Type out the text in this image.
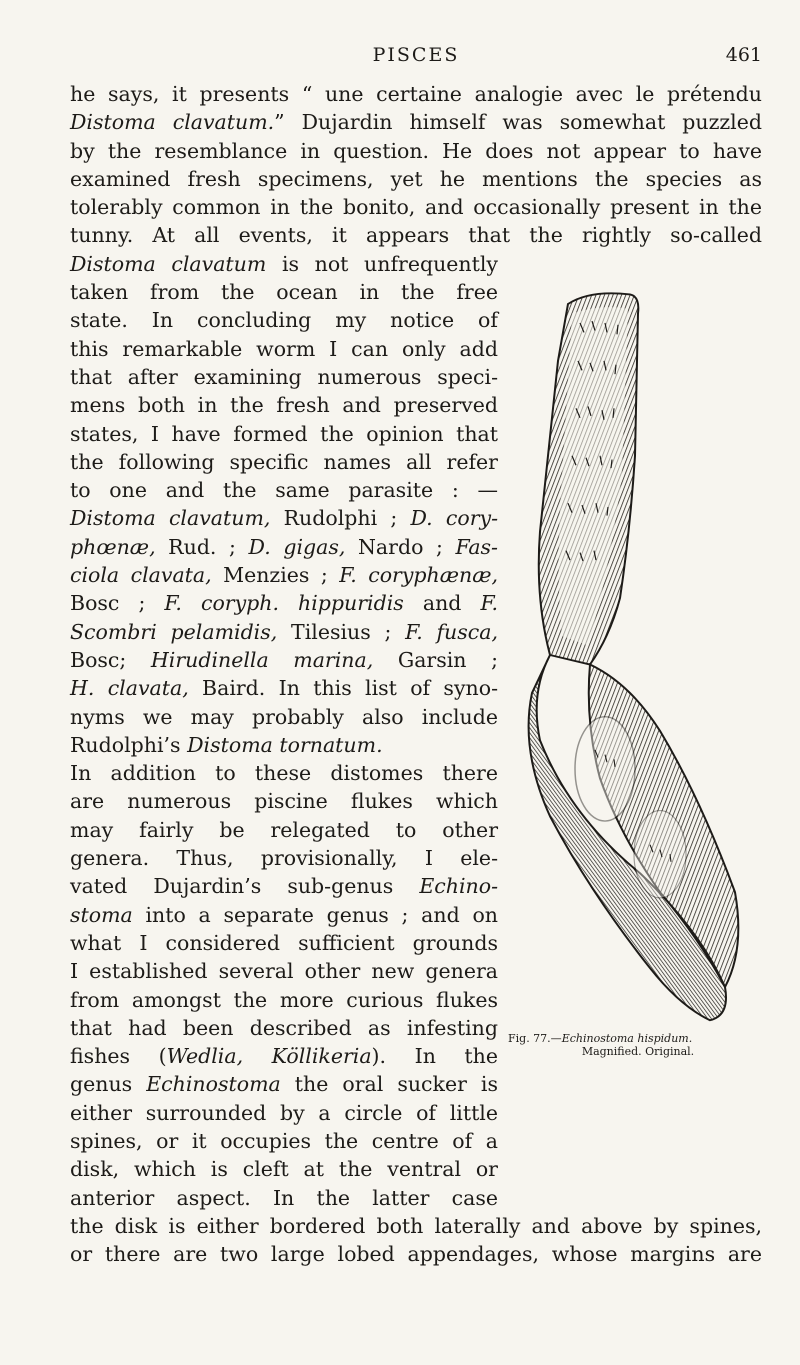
PISCES	461

he says, it presents “ une certaine analogie avec le prétendu

Distoma clavatum.” Dujardin himself was somewhat puzzled

by the resemblance in question. He does not appear to have

examined fresh specimens, yet he mentions the species as

tolerably common in the bonito, and occasionally present in the

tunny. At all events, it appears that the rightly so-called

Distoma clavatum is not unfrequently

taken from the ocean in the free

state. In concluding my notice of

this remarkable worm I can only add

that after examining numerous speci-

mens both in the fresh and preserved

states, I have formed the opinion that

the following specific names all refer

to one and the same parasite : —

Distoma clavatum, Rudolphi ; D. cory-

phœnæ, Rud. ; D. gigas, Nardo ; Fas-

ciola clavata, Menzies ; F. coryphænæ,

Bosc ; F. coryph. hippuridis and F.

Scombri pelamidis, Tilesius ; F. fusca,

Bosc; Hirudinella marina, Garsin ;

H. clavata, Baird. In this list of syno-

nyms we may probably also include

Rudolphi’s Distoma tornatum.

In addition to these distomes there

are numerous piscine flukes which

may fairly be relegated to other

genera. Thus, provisionally, I ele-

vated Dujardin’s sub-genus Echino-

stoma into a separate genus ; and on

what I considered sufficient grounds

I established several other new genera

from amongst the more curious flukes

that had been described as infesting

fishes (Wedlia, Köllikeria). In the

genus Echinostoma the oral sucker is

either surrounded by a circle of little

spines, or it occupies the centre of a

disk, which is cleft at the ventral or

anterior aspect. In the latter case

the disk is either bordered both laterally and above by spines,

or there are two large lobed appendages, whose margins are

Fig. 77.—Echinostoma hispidum.
Magnified. Original.
